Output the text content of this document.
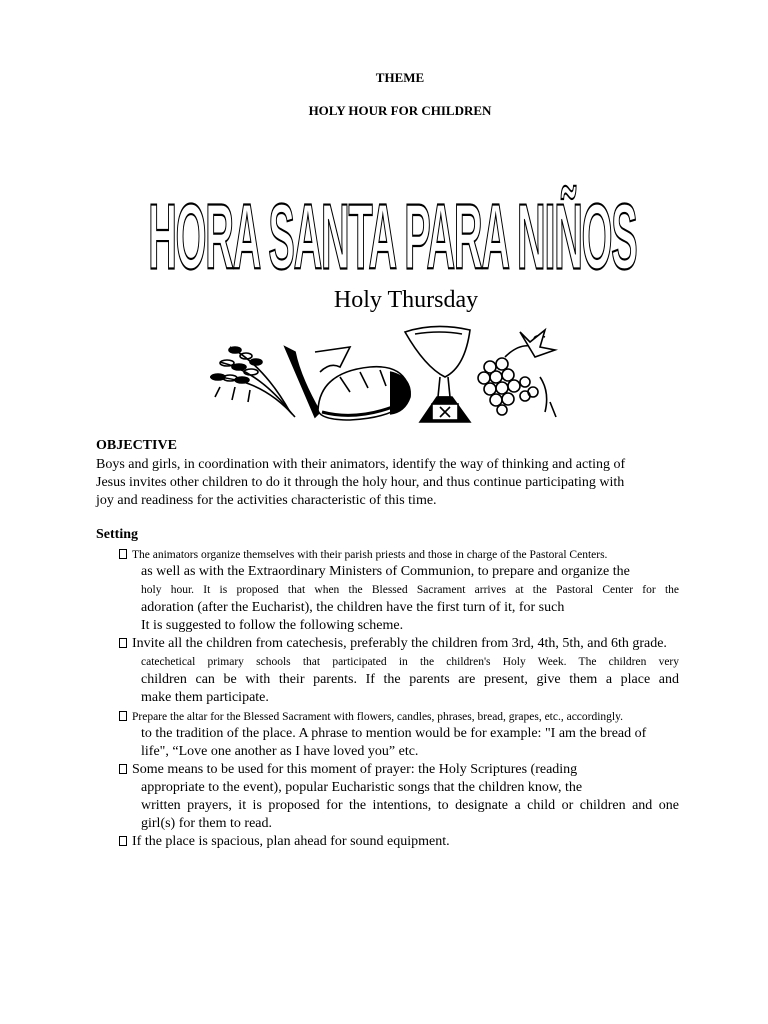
THEME
HOLY HOUR FOR CHILDREN
HORA SANTA PARA NIÑOS
Holy Thursday
OBJECTIVE
Boys and girls, in coordination with their animators, identify the way of thinking and acting of
Jesus invites other children to do it through the holy hour, and thus continue participating with
joy and readiness for the activities characteristic of this time.
Setting
The animators organize themselves with their parish priests and those in charge of the Pastoral Centers.
as well as with the Extraordinary Ministers of Communion, to prepare and organize the
holy hour. It is proposed that when the Blessed Sacrament arrives at the Pastoral Center for the
adoration (after the Eucharist), the children have the first turn of it, for such
It is suggested to follow the following scheme.
Invite all the children from catechesis, preferably the children from 3rd, 4th, 5th, and 6th grade.
catechetical primary schools that participated in the children's Holy Week. The children very
children can be with their parents. If the parents are present, give them a place and
make them participate.
Prepare the altar for the Blessed Sacrament with flowers, candles, phrases, bread, grapes, etc., accordingly.
to the tradition of the place. A phrase to mention would be for example: "I am the bread of
life", “Love one another as I have loved you” etc.
Some means to be used for this moment of prayer: the Holy Scriptures (reading
appropriate to the event), popular Eucharistic songs that the children know, the
written prayers, it is proposed for the intentions, to designate a child or children and one
girl(s) for them to read.
If the place is spacious, plan ahead for sound equipment.
